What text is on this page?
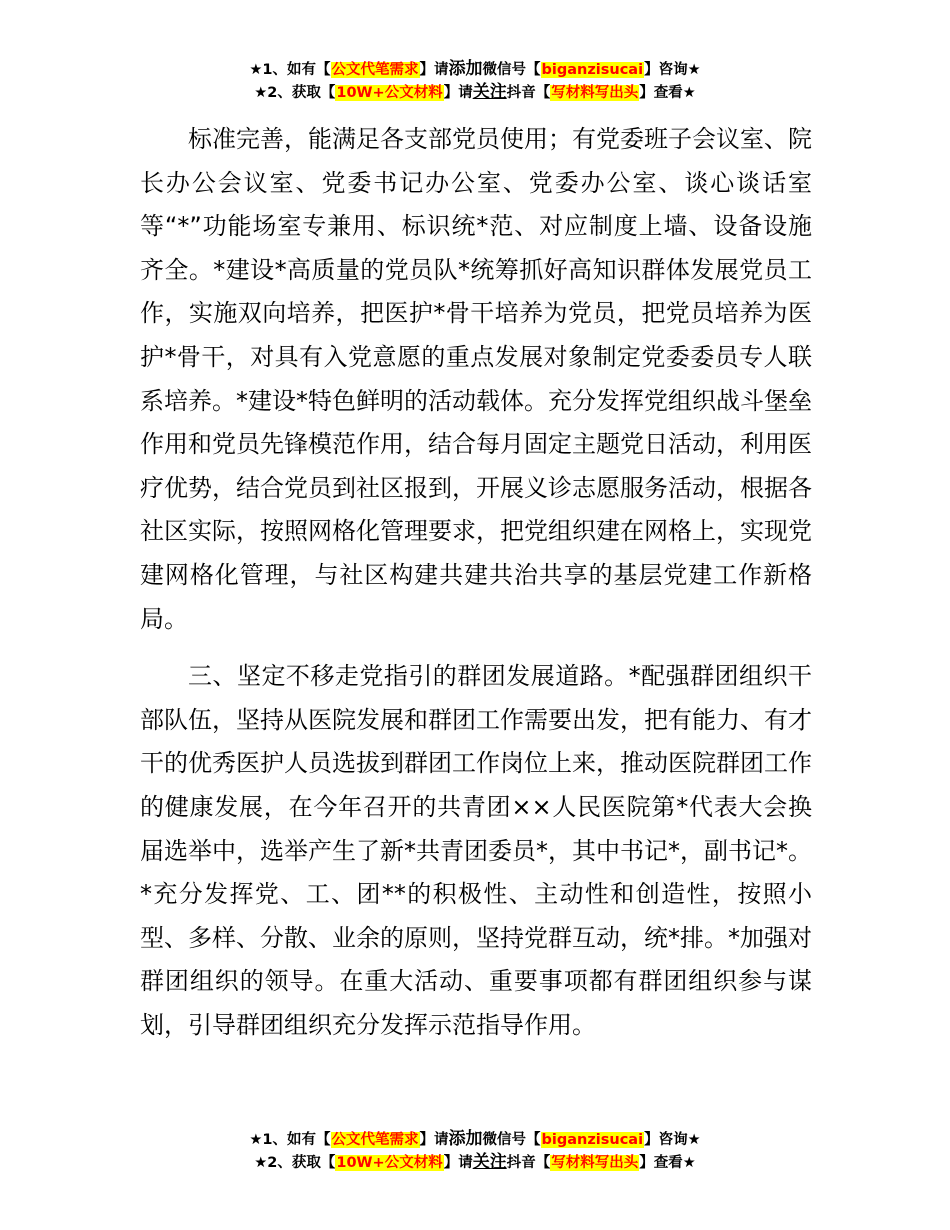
★1、如有【公文代笔需求】请添加微信号【biganzisucai】咨询★
★2、获取【10W+公文材料】请关注抖音【写材料写出头】查看★

标准完善，能满足各支部党员使用；有党委班子会议室、院长办公会议室、党委书记办公室、党委办公室、谈心谈话室等“*”功能场室专兼用、标识统*范、对应制度上墙、设备设施齐全。*建设*高质量的党员队*统筹抓好高知识群体发展党员工作，实施双向培养，把医护*骨干培养为党员，把党员培养为医护*骨干，对具有入党意愿的重点发展对象制定党委委员专人联系培养。*建设*特色鲜明的活动载体。充分发挥党组织战斗堡垒作用和党员先锋模范作用，结合每月固定主题党日活动，利用医疗优势，结合党员到社区报到，开展义诊志愿服务活动，根据各社区实际，按照网格化管理要求，把党组织建在网格上，实现党建网格化管理，与社区构建共建共治共享的基层党建工作新格局。

三、坚定不移走党指引的群团发展道路。*配强群团组织干部队伍，坚持从医院发展和群团工作需要出发，把有能力、有才干的优秀医护人员选拔到群团工作岗位上来，推动医院群团工作的健康发展，在今年召开的共青团××人民医院第*代表大会换届选举中，选举产生了新*共青团委员*，其中书记*，副书记*。*充分发挥党、工、团**的积极性、主动性和创造性，按照小型、多样、分散、业余的原则，坚持党群互动，统*排。*加强对群团组织的领导。在重大活动、重要事项都有群团组织参与谋划，引导群团组织充分发挥示范指导作用。

★1、如有【公文代笔需求】请添加微信号【biganzisucai】咨询★
★2、获取【10W+公文材料】请关注抖音【写材料写出头】查看★
